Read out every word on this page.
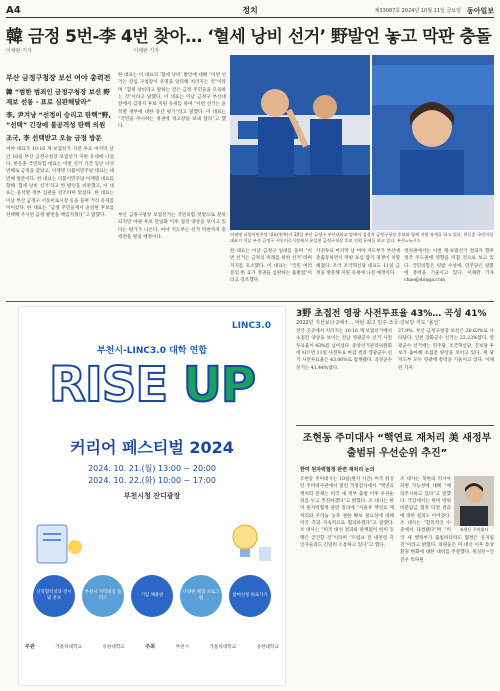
A4	정치	제33087호 2024년 10월 11일 금요일 동아일보
韓 금정 5번-李 4번 찾아… ‘혈세 낭비 선거’ 野발언 놓고 막판 충돌
이채완 기자	이채완 기자
부산 금정구청장 보선 여야 총력전
韓 “범한 범죄인 금정구청장 보선 野 재보 선릉 - 표로 심판해달라”
李, 尹겨냥 “선정이 승리고 탄핵”野, “선택” 긴장에 불공격성 탄핵 의원
조국, 李 선택받고 오늘 금정 방문

여야 대표가 10·16 재·보궐선거 사전 투표 마지막 날인 10일 부산 금정구청장 보궐선거 지원 유세에 나섰다. 한동훈 국민의힘 대표는 이번 선거 기간 동안 다섯 번째로 금정을 찾았고, 이재명 더불어민주당 대표는 네 번째 방문이다. 한 대표는 더불어민주당 이재명 대표를 향해 ‘혈세 낭비 선거’라고 한 발언을 비판했고, 이 대표는 윤석열 정부 심판을 강조하며 맞섰다. 한 대표는 이날 부산 금정구 서동미로시장 등을 돌며 거리 유세를 이어갔다. 한 대표는 “금정 주민들께서 윤일현 후보를 선택해 주시면 금정 발전을 책임지겠다”고 말했다.

한 대표는 이 대표의 ‘혈세 낭비’ 발언에 대해 “이번 선거는 전임 구청장이 유명을 달리해 치러지는 것”이라며 “혈세 낭비라고 말하는 것은 금정 주민들을 모욕하는 것”이라고 말했다. 이 대표는 이날 금정구 부산대 앞에서 김경지 후보 지원 유세를 하며 “이번 선거는 윤석열 정부에 대한 중간 평가”라고 말했다. 이 대표는 “국민을 무시하는 정권에 경고장을 보내 달라”고 했다.

부산 금정구청장 보궐선거는 국민의힘 텃밭으로 분류되지만 야권 후보 단일화 이후 접전 양상을 보이고 있다는 평가가 나온다. 여야 지도부는 선거 막판까지 총력전을 벌일 예정이다.

이재명 더불어민주당 대표(왼쪽)가 10일 부산 금정구 부산대학교 앞에서 김경지 금정구청장 후보와 함께 지원 유세를 하고 있다. 한동훈 국민의힘 대표가 이날 부산 금정구 서동미로시장에서 윤일현 금정구청장 후보 지원 유세를 하고 있다. 부산=뉴시스

한 대표는 이날 금정구 일대를 돌며 “이번 선거는 금정의 미래를 위한 선거”라며 지지를 호소했다. 이 대표는 “국민 여러분의 한 표가 정권을 심판하는 출발점”이라고 강조했다.

사전투표 마지막 날 여야 지도부가 부산에 총출동하면서 막판 표심 잡기 경쟁이 치열해졌다. 조국 조국혁신당 대표도 11일 금정을 방문해 지원 유세에 나설 예정이다.

정치권에서는 이번 재·보궐선거 결과가 향후 정국 주도권에 영향을 미칠 것으로 보고 있다. 국민의힘은 텃밭 수성에, 민주당은 탈환에 총력을 기울이고 있다. 이채완 기자 chae@donga.com

LINC3.0
부천시-LINC3.0 대학 연합
RISE UP
커리어 페스티벌 2024
2024. 10. 21.(월) 13:00 ~ 20:00
2024. 10. 22.(화) 10:00 ~ 17:00
부천시청 잔디광장
산학협력성과 전시 및 홍보
부천시 지역내일 플러스
기업 채용관
다양한 체험 프로그램
참여신청 바로가기
주관	가톨릭대학교	유한대학교	주최	부천시	가톨릭대학교	유한대학교
3野 초접전 영광 사전투표율 43%… 곡성 41%
2022년 지선보다 2배↑… 막판 최고 민주·조국·진보당 지도 ‘올인’

전국 곳곳에서 치러지는 10·16 재·보궐선거에서 초접전 양상을 보이는 전남 영광군수 선거 사전투표율이 43%를 넘어섰다. 중앙선거관리위원회에 따르면 11일 사전투표 마감 결과 영광군수 선거 사전투표율은 43.06%로 집계됐다. 곡성군수 선거는 41.44%였다.

27.9%, 부산 금정구청장 보선은 20.63%로 나타났다. 인천 강화군수 선거는 22.23%였다. 영광군수 선거에는 민주당, 조국혁신당, 진보당 후보가 출마해 초접전 양상을 보이고 있다. 세 당 지도부 모두 영광에 총력을 기울이고 있다. 이채완 기자

조현동 주미대사 “핵연료 재처리 美 새정부 출범뒤 우선순위 추진”
한미 원자력협정 관련 재처리 논의

조현동 주미대사는 10일(현지 시간) 미국 워싱턴 주미대사관에서 열린 국정감사에서 “핵연료 재처리 문제는 미국 새 정부 출범 이후 우선순위를 두고 추진하겠다”고 밝혔다. 조 대사는 한미 원자력협정 관련 질의에 “사용후 핵연료 재처리와 우라늄 농축 권한 확보 필요성에 대해 미국 측과 지속적으로 협의하겠다”고 말했다. 조 대사는 “미국 대선 결과와 관계없이 한미 동맹은 굳건할 것”이라며 “트럼프 전 대통령 측 인사들과도 긴밀히 소통하고 있다”고 했다.

조현동 주미대사

조 대사는 북한의 러시아 파병 가능성에 대해 “예의주시하고 있다”고 말했다. 국감에서는 한미 방위비분담금 협정 타결 결과에 대한 질의도 이어졌다. 조 대사는 “합리적인 수준에서 타결됐다”며 “미국 새 행정부가 출범하더라도 협정은 유지될 것”이라고 밝혔다. 의원들은 미 대선 이후 통상 환경 변화에 대한 대비를 주문했다. 워싱턴=신진우 특파원
